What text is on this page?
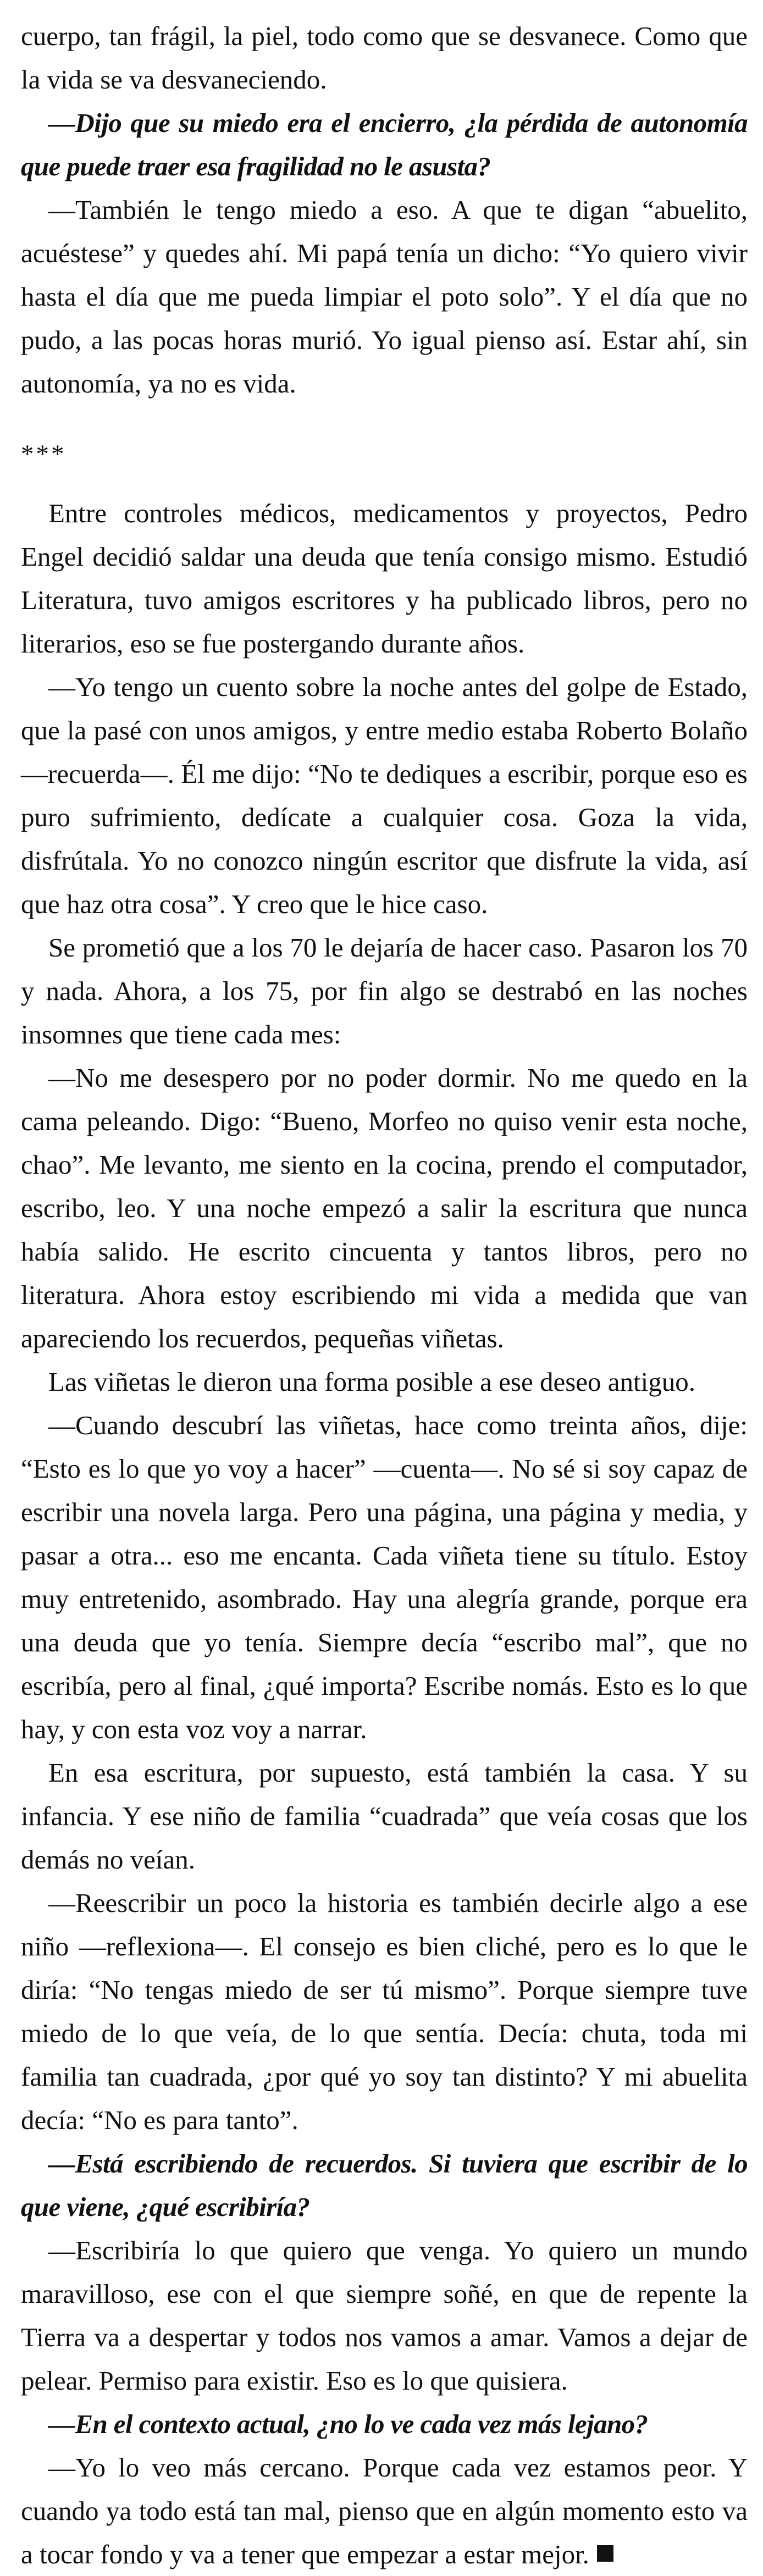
cuerpo, tan frágil, la piel, todo como que se desvanece. Como que la vida se va desvaneciendo.

—Dijo que su miedo era el encierro, ¿la pérdida de autonomía que puede traer esa fragilidad no le asusta?

—También le tengo miedo a eso. A que te digan “abuelito, acuéstese” y quedes ahí. Mi papá tenía un dicho: “Yo quiero vivir hasta el día que me pueda limpiar el poto solo”. Y el día que no pudo, a las pocas horas murió. Yo igual pienso así. Estar ahí, sin autonomía, ya no es vida.

***

Entre controles médicos, medicamentos y proyectos, Pedro Engel decidió saldar una deuda que tenía consigo mismo. Estudió Literatura, tuvo amigos escritores y ha publicado libros, pero no literarios, eso se fue postergando durante años.

—Yo tengo un cuento sobre la noche antes del golpe de Estado, que la pasé con unos amigos, y entre medio estaba Roberto Bolaño —recuerda—. Él me dijo: “No te dediques a escribir, porque eso es puro sufrimiento, dedícate a cualquier cosa. Goza la vida, disfrútala. Yo no conozco ningún escritor que disfrute la vida, así que haz otra cosa”. Y creo que le hice caso.

Se prometió que a los 70 le dejaría de hacer caso. Pasaron los 70 y nada. Ahora, a los 75, por fin algo se destrabó en las noches insomnes que tiene cada mes:

—No me desespero por no poder dormir. No me quedo en la cama peleando. Digo: “Bueno, Morfeo no quiso venir esta noche, chao”. Me levanto, me siento en la cocina, prendo el computador, escribo, leo. Y una noche empezó a salir la escritura que nunca había salido. He escrito cincuenta y tantos libros, pero no literatura. Ahora estoy escribiendo mi vida a medida que van apareciendo los recuerdos, pequeñas viñetas.

Las viñetas le dieron una forma posible a ese deseo antiguo.

—Cuando descubrí las viñetas, hace como treinta años, dije: “Esto es lo que yo voy a hacer” —cuenta—. No sé si soy capaz de escribir una novela larga. Pero una página, una página y media, y pasar a otra... eso me encanta. Cada viñeta tiene su título. Estoy muy entretenido, asombrado. Hay una alegría grande, porque era una deuda que yo tenía. Siempre decía “escribo mal”, que no escribía, pero al final, ¿qué importa? Escribe nomás. Esto es lo que hay, y con esta voz voy a narrar.

En esa escritura, por supuesto, está también la casa. Y su infancia. Y ese niño de familia “cuadrada” que veía cosas que los demás no veían.

—Reescribir un poco la historia es también decirle algo a ese niño —reflexiona—. El consejo es bien cliché, pero es lo que le diría: “No tengas miedo de ser tú mismo”. Porque siempre tuve miedo de lo que veía, de lo que sentía. Decía: chuta, toda mi familia tan cuadrada, ¿por qué yo soy tan distinto? Y mi abuelita decía: “No es para tanto”.

—Está escribiendo de recuerdos. Si tuviera que escribir de lo que viene, ¿qué escribiría?

—Escribiría lo que quiero que venga. Yo quiero un mundo maravilloso, ese con el que siempre soñé, en que de repente la Tierra va a despertar y todos nos vamos a amar. Vamos a dejar de pelear. Permiso para existir. Eso es lo que quisiera.

—En el contexto actual, ¿no lo ve cada vez más lejano?

—Yo lo veo más cercano. Porque cada vez estamos peor. Y cuando ya todo está tan mal, pienso que en algún momento esto va a tocar fondo y va a tener que empezar a estar mejor.
